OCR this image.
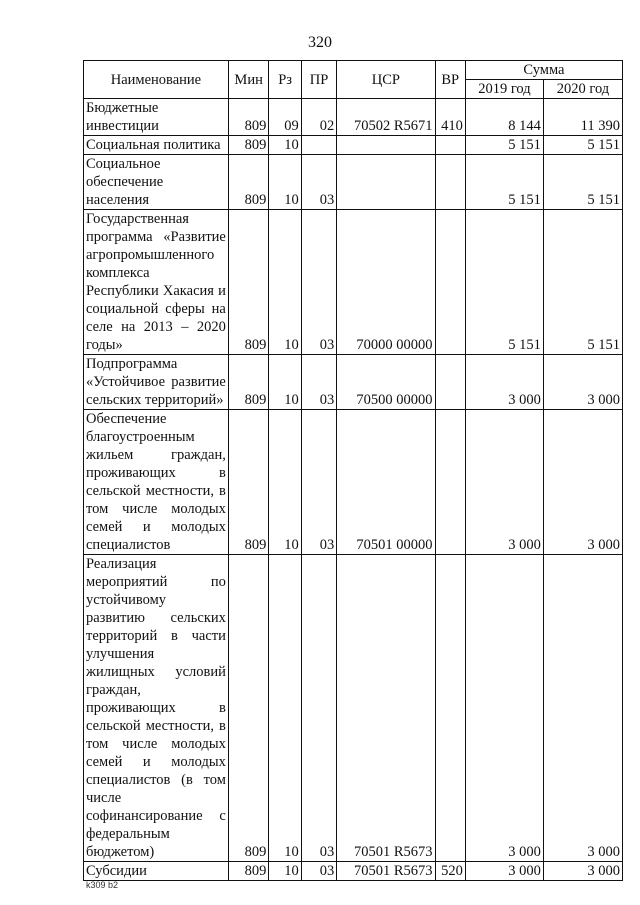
320
Наименование	Мин	Рз	ПР	ЦСР	ВР	Сумма	
						2019 год	2020 год
Бюджетные инвестиции	809	09	02	70502 R5671	410	8 144	11 390
Социальная политика	809	10				5 151	5 151
Социальное обеспечение населения	809	10	03			5 151	5 151
Государственная программа «Развитие агропромышленного комплекса Республики Хакасия и социальной сферы на селе на 2013 – 2020 годы»	809	10	03	70000 00000		5 151	5 151
Подпрограмма «Устойчивое развитие сельских территорий»	809	10	03	70500 00000		3 000	3 000
Обеспечение благоустроенным жильем граждан, проживающих в сельской местности, в том числе молодых семей и молодых специалистов	809	10	03	70501 00000		3 000	3 000
Реализация мероприятий по устойчивому развитию сельских территорий в части улучшения жилищных условий граждан, проживающих в сельской местности, в том числе молодых семей и молодых специалистов (в том числе софинансирование с федеральным бюджетом)	809	10	03	70501 R5673		3 000	3 000
Субсидии	809	10	03	70501 R5673	520	3 000	3 000
k309 b2
